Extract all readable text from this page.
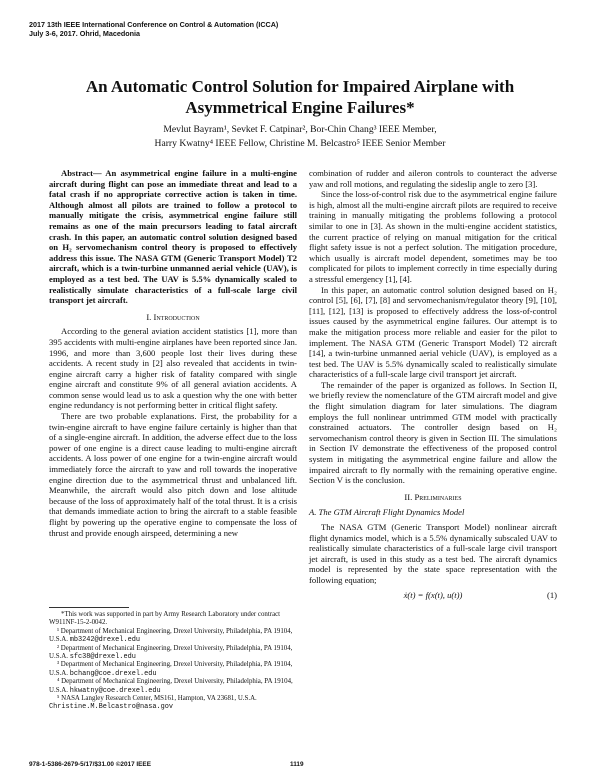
2017 13th IEEE International Conference on Control & Automation (ICCA)
July 3-6, 2017. Ohrid, Macedonia
An Automatic Control Solution for Impaired Airplane with
Asymmetrical Engine Failures*
Mevlut Bayram¹, Sevket F. Catpinar², Bor-Chin Chang³ IEEE Member,
Harry Kwatny⁴ IEEE Fellow, Christine M. Belcastro⁵ IEEE Senior Member

Abstract— An asymmetrical engine failure in a multi-engine aircraft during flight can pose an immediate threat and lead to a fatal crash if no appropriate corrective action is taken in time. Although almost all pilots are trained to follow a protocol to manually mitigate the crisis, asymmetrical engine failure still remains as one of the main precursors leading to fatal aircraft crash. In this paper, an automatic control solution designed based on H₂ servomechanism control theory is proposed to effectively address this issue. The NASA GTM (Generic Transport Model) T2 aircraft, which is a twin-turbine unmanned aerial vehicle (UAV), is employed as a test bed. The UAV is 5.5% dynamically scaled to realistically simulate characteristics of a full-scale large civil transport jet aircraft.

I. Introduction

According to the general aviation accident statistics [1], more than 395 accidents with multi-engine airplanes have been reported since Jan. 1996, and more than 3,600 people lost their lives during these accidents. A recent study in [2] also revealed that accidents in twin-engine aircraft carry a higher risk of fatality compared with single engine aircraft and constitute 9% of all general aviation accidents. A common sense would lead us to ask a question why the one with better engine redundancy is not performing better in critical flight safety.

There are two probable explanations. First, the probability for a twin-engine aircraft to have engine failure certainly is higher than that of a single-engine aircraft. In addition, the adverse effect due to the loss power of one engine is a direct cause leading to multi-engine aircraft accidents. A loss power of one engine for a twin-engine aircraft would immediately force the aircraft to yaw and roll towards the inoperative engine direction due to the asymmetrical thrust and unbalanced lift. Meanwhile, the aircraft would also pitch down and lose altitude because of the loss of approximately half of the total thrust. It is a crisis that demands immediate action to bring the aircraft to a stable feasible flight by powering up the operative engine to compensate the loss of thrust and provide enough airspeed, determining a new

*This work was supported in part by Army Research Laboratory under contract W911NF-15-2-0042.
¹ Department of Mechanical Engineering, Drexel University, Philadelphia, PA 19104, U.S.A. mb3242@drexel.edu
² Department of Mechanical Engineering, Drexel University, Philadelphia, PA 19104, U.S.A. sfc38@drexel.edu
³ Department of Mechanical Engineering, Drexel University, Philadelphia, PA 19104, U.S.A. bchang@coe.drexel.edu
⁴ Department of Mechanical Engineering, Drexel University, Philadelphia, PA 19104, U.S.A. hkwatny@coe.drexel.edu
⁵ NASA Langley Research Center, MS161, Hampton, VA 23681, U.S.A. Christine.M.Belcastro@nasa.gov

combination of rudder and aileron controls to counteract the adverse yaw and roll motions, and regulating the sideslip angle to zero [3].

Since the loss-of-control risk due to the asymmetrical engine failure is high, almost all the multi-engine aircraft pilots are required to receive training in manually mitigating the problems following a protocol similar to one in [3]. As shown in the multi-engine accident statistics, the current practice of relying on manual mitigation for the critical flight safety issue is not a perfect solution. The mitigation procedure, which usually is aircraft model dependent, sometimes may be too complicated for pilots to implement correctly in time especially during a stressful emergency [1], [4].

In this paper, an automatic control solution designed based on H₂ control [5], [6], [7], [8] and servomechanism/regulator theory [9], [10], [11], [12], [13] is proposed to effectively address the loss-of-control issues caused by the asymmetrical engine failures. Our attempt is to make the mitigation process more reliable and easier for the pilot to implement. The NASA GTM (Generic Transport Model) T2 aircraft [14], a twin-turbine unmanned aerial vehicle (UAV), is employed as a test bed. The UAV is 5.5% dynamically scaled to realistically simulate characteristics of a full-scale large civil transport jet aircraft.

The remainder of the paper is organized as follows. In Section II, we briefly review the nomenclature of the GTM aircraft model and give the flight simulation diagram for later simulations. The diagram employs the full nonlinear untrimmed GTM model with practically constrained actuators. The controller design based on H₂ servomechanism control theory is given in Section III. The simulations in Section IV demonstrate the effectiveness of the proposed control system in mitigating the asymmetrical engine failure and allow the impaired aircraft to fly normally with the remaining operative engine. Section V is the conclusion.

II. Preliminaries

A. The GTM Aircraft Flight Dynamics Model

The NASA GTM (Generic Transport Model) nonlinear aircraft flight dynamics model, which is a 5.5% dynamically subscaled UAV to realistically simulate characteristics of a full-scale large civil transport jet aircraft, is used in this study as a test bed. The aircraft dynamics model is represented by the state space representation with the following equation;

ẋ(t) = f(x(t), u(t))	(1)
978-1-5386-2679-5/17/$31.00 ©2017 IEEE	1119
